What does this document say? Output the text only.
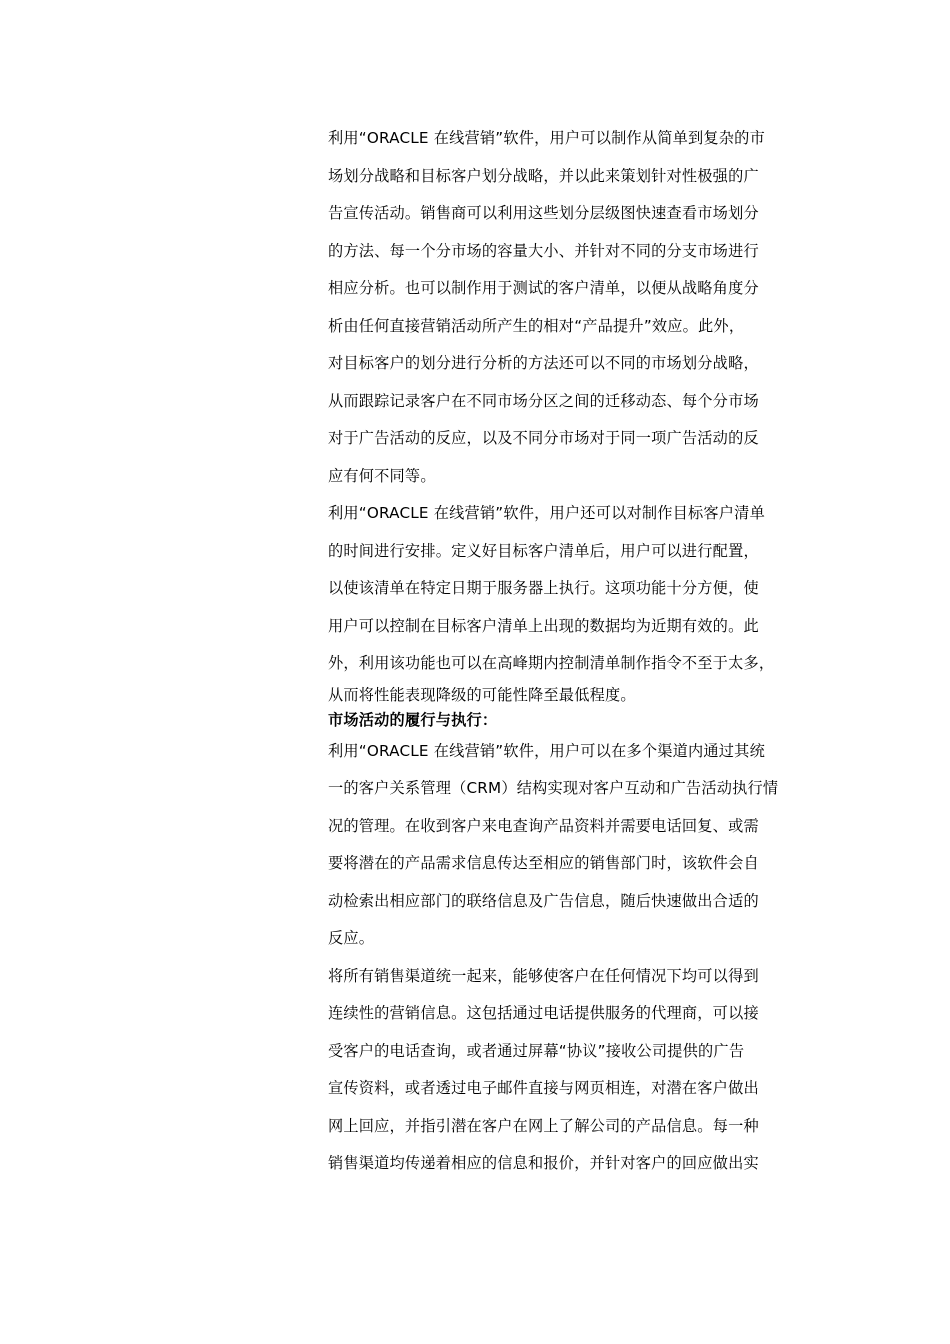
利用“ORACLE 在线营销”软件，用户可以制作从简单到复杂的市
场划分战略和目标客户划分战略，并以此来策划针对性极强的广
告宣传活动。销售商可以利用这些划分层级图快速查看市场划分
的方法、每一个分市场的容量大小、并针对不同的分支市场进行
相应分析。也可以制作用于测试的客户清单，以便从战略角度分
析由任何直接营销活动所产生的相对“产品提升”效应。此外，
对目标客户的划分进行分析的方法还可以不同的市场划分战略，
从而跟踪记录客户在不同市场分区之间的迁移动态、每个分市场
对于广告活动的反应，以及不同分市场对于同一项广告活动的反
应有何不同等。
利用“ORACLE 在线营销”软件，用户还可以对制作目标客户清单
的时间进行安排。定义好目标客户清单后，用户可以进行配置，
以使该清单在特定日期于服务器上执行。这项功能十分方便，使
用户可以控制在目标客户清单上出现的数据均为近期有效的。此
外，利用该功能也可以在高峰期内控制清单制作指令不至于太多，
从而将性能表现降级的可能性降至最低程度。
市场活动的履行与执行：
利用“ORACLE 在线营销”软件，用户可以在多个渠道内通过其统
一的客户关系管理（CRM）结构实现对客户互动和广告活动执行情
况的管理。在收到客户来电查询产品资料并需要电话回复、或需
要将潜在的产品需求信息传达至相应的销售部门时，该软件会自
动检索出相应部门的联络信息及广告信息，随后快速做出合适的
反应。
将所有销售渠道统一起来，能够使客户在任何情况下均可以得到
连续性的营销信息。这包括通过电话提供服务的代理商，可以接
受客户的电话查询，或者通过屏幕“协议”接收公司提供的广告
宣传资料，或者透过电子邮件直接与网页相连，对潜在客户做出
网上回应，并指引潜在客户在网上了解公司的产品信息。每一种
销售渠道均传递着相应的信息和报价，并针对客户的回应做出实
